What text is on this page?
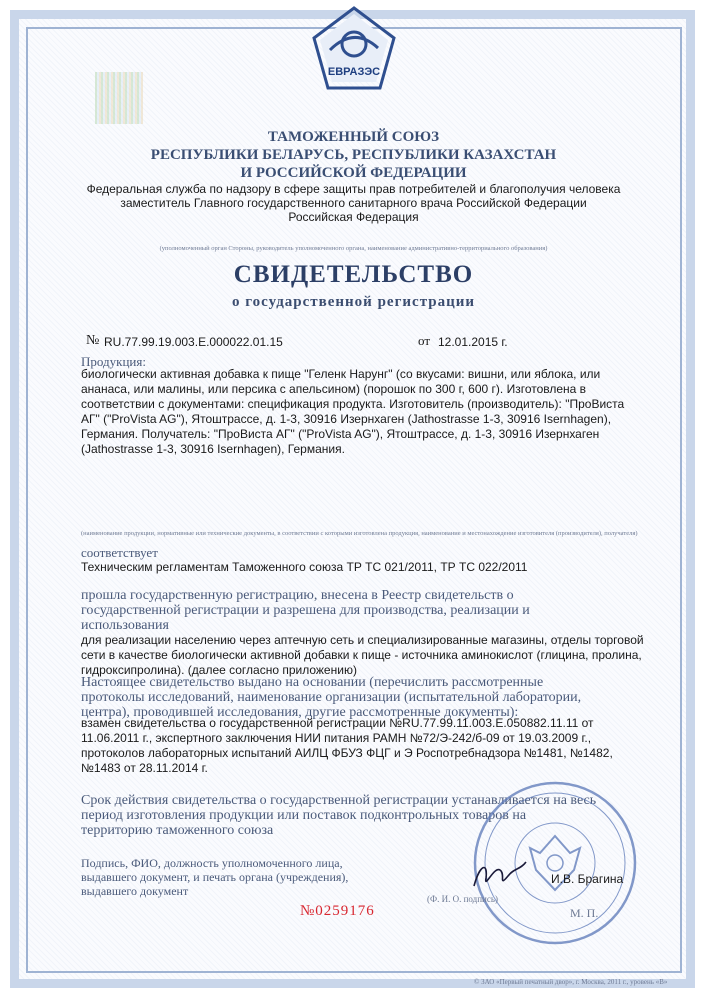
ЕВРАЗЭС
ТАМОЖЕННЫЙ СОЮЗ
РЕСПУБЛИКИ БЕЛАРУСЬ, РЕСПУБЛИКИ КАЗАХСТАН
И РОССИЙСКОЙ ФЕДЕРАЦИИ
Федеральная служба по надзору в сфере защиты прав потребителей и благополучия человека
заместитель Главного государственного санитарного врача Российской Федерации
Российская Федерация
(уполномоченный орган Стороны, руководитель уполномоченного органа, наименование административно-территориального образования)
СВИДЕТЕЛЬСТВО
о государственной регистрации
№ RU.77.99.19.003.E.000022.01.15	от 12.01.2015 г.
Продукция:
биологически активная добавка к пище "Геленк Нарунг" (со вкусами: вишни, или яблока, или
ананаса, или малины, или персика с апельсином) (порошок по 300 г, 600 г). Изготовлена в
соответствии с документами: спецификация продукта. Изготовитель (производитель): "ПроВиста
АГ" ("ProVista AG"), Ятоштрассе, д. 1-3, 30916 Изернхаген (Jathostrasse 1-3, 30916 Isernhagen),
Германия. Получатель: "ПроВиста АГ" ("ProVista AG"), Ятоштрассе, д. 1-3, 30916 Изернхаген
(Jathostrasse 1-3, 30916 Isernhagen), Германия.
(наименование продукции, нормативные или технические документы, в соответствии с которыми изготовлена продукция, наименование и местонахождение изготовителя (производителя), получателя)
соответствует
Техническим регламентам Таможенного союза ТР ТС 021/2011, ТР ТС 022/2011
прошла государственную регистрацию, внесена в Реестр свидетельств о
государственной регистрации и разрешена для производства, реализации и
использования
для реализации населению через аптечную сеть и специализированные магазины, отделы торговой
сети в качестве биологически активной добавки к пище - источника аминокислот (глицина, пролина,
гидроксипролина). (далее согласно приложению)
Настоящее свидетельство выдано на основании (перечислить рассмотренные
протоколы исследований, наименование организации (испытательной лаборатории,
центра), проводившей исследования, другие рассмотренные документы):
взамен свидетельства о государственной регистрации №RU.77.99.11.003.E.050882.11.11 от
11.06.2011 г., экспертного заключения НИИ питания РАМН №72/Э-242/б-09 от 19.03.2009 г.,
протоколов лабораторных испытаний АИЛЦ ФБУЗ ФЦГ и Э Роспотребнадзора №1481, №1482,
№1483 от 28.11.2014 г.
Срок действия свидетельства о государственной регистрации устанавливается на весь
период изготовления продукции или поставок подконтрольных товаров на
территорию таможенного союза
Подпись, ФИО, должность уполномоченного лица,
выдавшего документ, и печать органа (учреждения),
выдавшего документ
И.В. Брагина
(Ф. И. О. подпись)
М. П.
№0259176
© ЗАО «Первый печатный двор», г. Москва, 2011 г., уровень «В»
